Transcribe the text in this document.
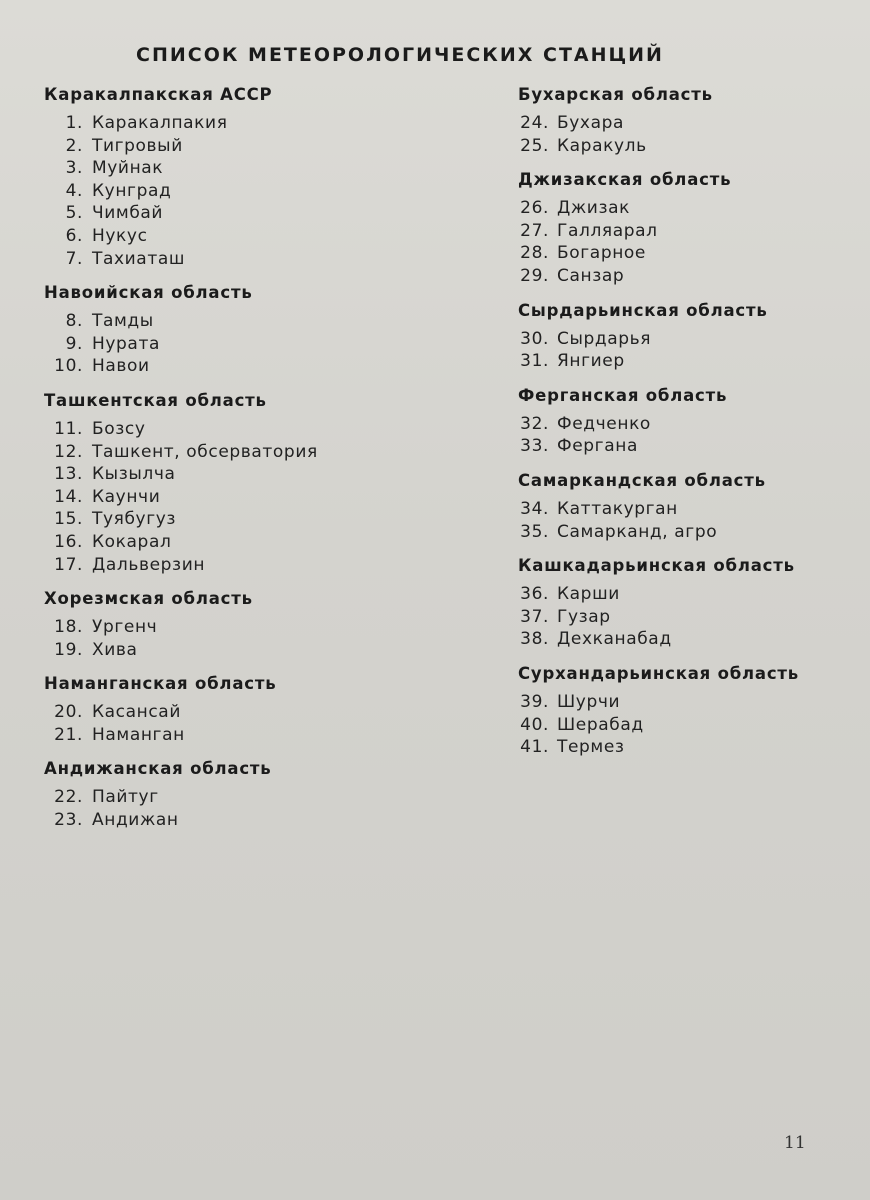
СПИСОК МЕТЕОРОЛОГИЧЕСКИХ СТАНЦИЙ
Каракалпакская АССР
1. Каракалпакия
2. Тигровый
3. Муйнак
4. Кунград
5. Чимбай
6. Нукус
7. Тахиаташ
Навоийская область
8. Тамды
9. Нурата
10. Навои
Ташкентская область
11. Бозсу
12. Ташкент, обсерватория
13. Кызылча
14. Каунчи
15. Туябугуз
16. Кокарал
17. Дальверзин
Хорезмская область
18. Ургенч
19. Хива
Наманганская область
20. Касансай
21. Наманган
Андижанская область
22. Пайтуг
23. Андижан
Бухарская область
24. Бухара
25. Каракуль
Джизакская область
26. Джизак
27. Галляарал
28. Богарное
29. Санзар
Сырдарьинская область
30. Сырдарья
31. Янгиер
Ферганская область
32. Федченко
33. Фергана
Самаркандская область
34. Каттакурган
35. Самарканд, агро
Кашкадарьинская область
36. Карши
37. Гузар
38. Дехканабад
Сурхандарьинская область
39. Шурчи
40. Шерабад
41. Термез
11
